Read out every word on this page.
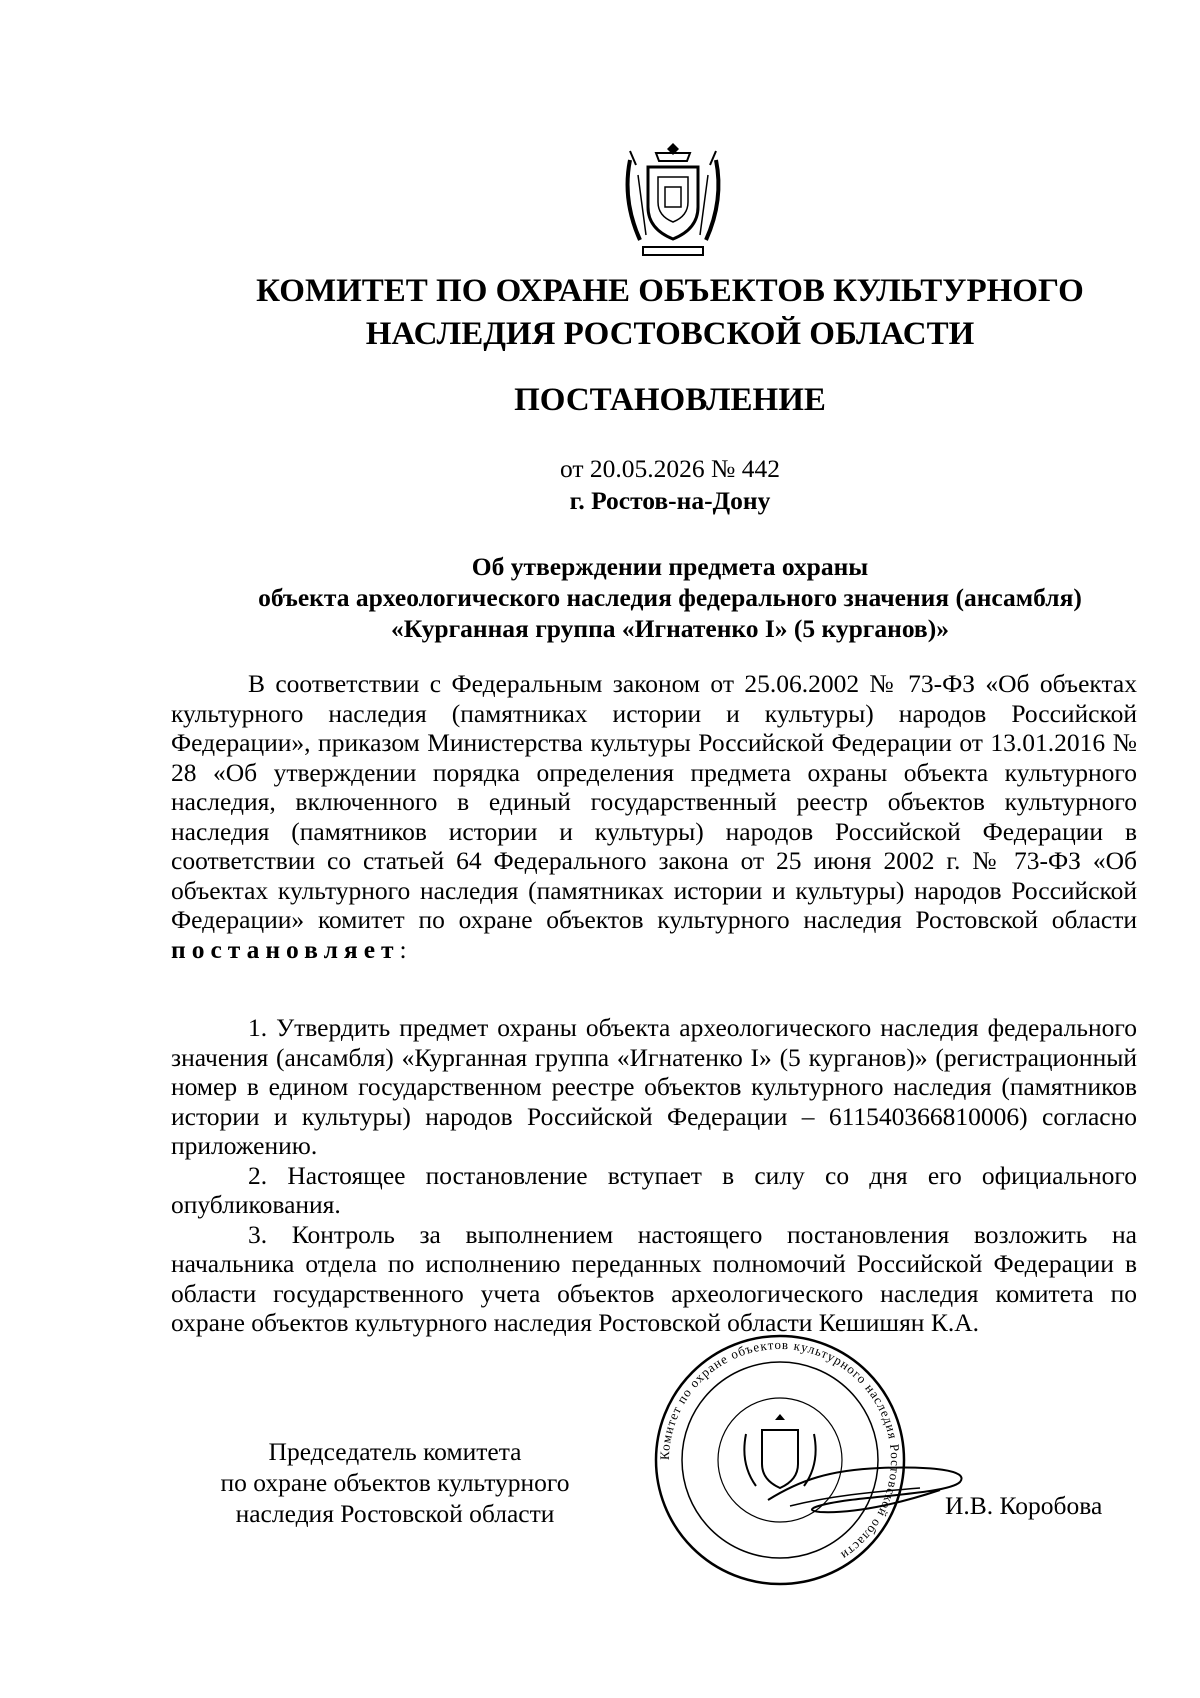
КОМИТЕТ ПО ОХРАНЕ ОБЪЕКТОВ КУЛЬТУРНОГО
НАСЛЕДИЯ РОСТОВСКОЙ ОБЛАСТИ
ПОСТАНОВЛЕНИЕ
от 20.05.2026 № 442
г. Ростов-на-Дону
Об утверждении предмета охраны
объекта археологического наследия федерального значения (ансамбля)
«Курганная группа «Игнатенко I» (5 курганов)»

В соответствии с Федеральным законом от 25.06.2002 № 73-ФЗ «Об объектах культурного наследия (памятниках истории и культуры) народов Российской Федерации», приказом Министерства культуры Российской Федерации от 13.01.2016 № 28 «Об утверждении порядка определения предмета охраны объекта культурного наследия, включенного в единый государственный реестр объектов культурного наследия (памятников истории и культуры) народов Российской Федерации в соответствии со статьей 64 Федерального закона от 25 июня 2002 г. № 73-ФЗ «Об объектах культурного наследия (памятниках истории и культуры) народов Российской Федерации» комитет по охране объектов культурного наследия Ростовской области постановляет:

1. Утвердить предмет охраны объекта археологического наследия федерального значения (ансамбля) «Курганная группа «Игнатенко I» (5 курганов)» (регистрационный номер в едином государственном реестре объектов культурного наследия (памятников истории и культуры) народов Российской Федерации – 611540366810006) согласно приложению.

2. Настоящее постановление вступает в силу со дня его официального опубликования.

3. Контроль за выполнением настоящего постановления возложить на начальника отдела по исполнению переданных полномочий Российской Федерации в области государственного учета объектов археологического наследия комитета по охране объектов культурного наследия Ростовской области Кешишян К.А.

Комитет по охране объектов культурного наследия Ростовской области
Председатель комитета
по охране объектов культурного
наследия Ростовской области	И.В. Коробова
